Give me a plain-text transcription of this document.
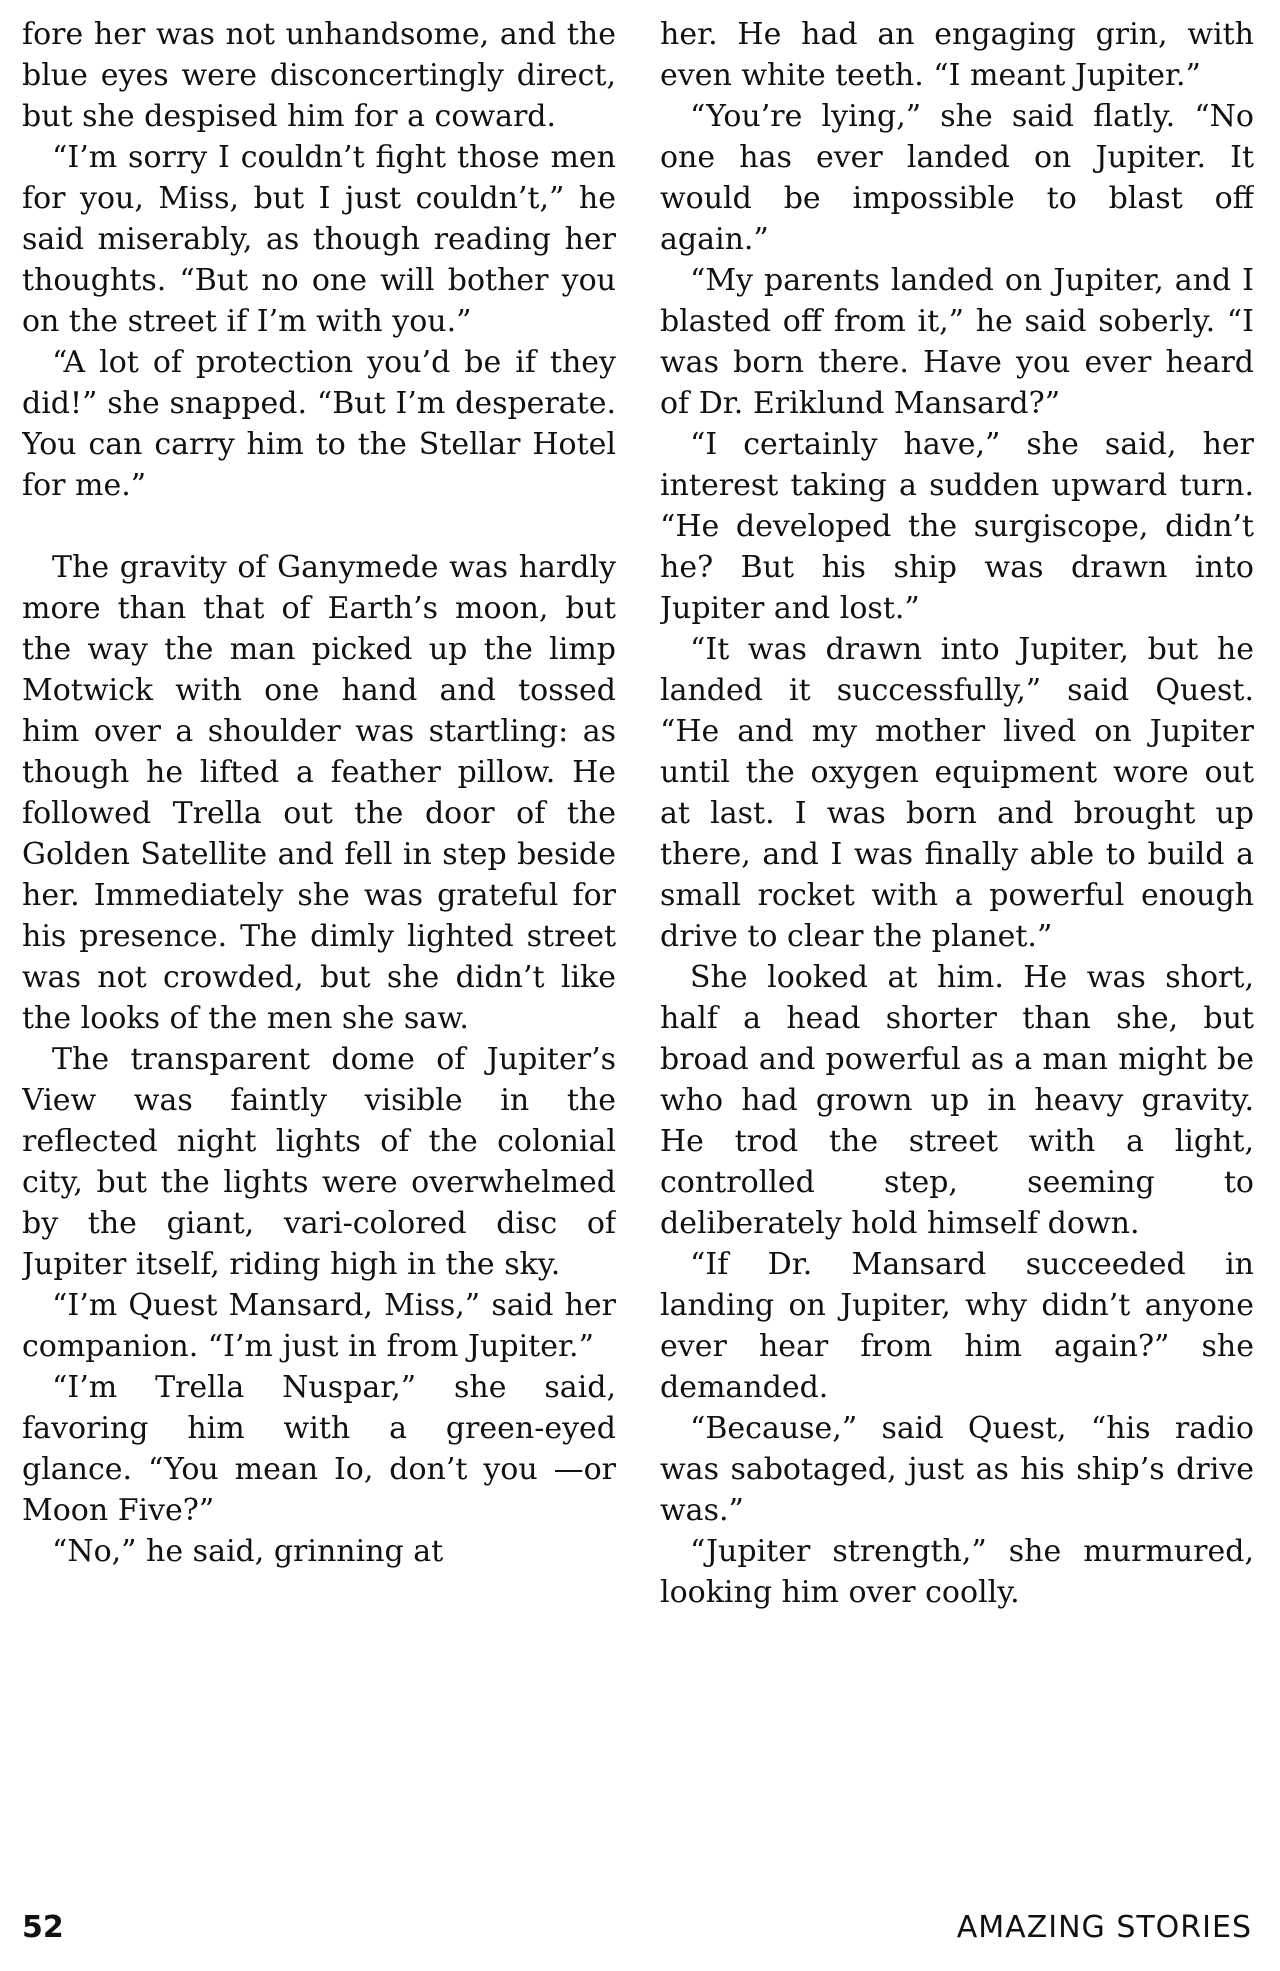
fore her was not unhandsome, and the blue eyes were disconcertingly direct, but she despised him for a coward.

“I’m sorry I couldn’t fight those men for you, Miss, but I just couldn’t,” he said miserably, as though reading her thoughts. “But no one will bother you on the street if I’m with you.”

“A lot of protection you’d be if they did!” she snapped. “But I’m desperate. You can carry him to the Stellar Hotel for me.”

The gravity of Ganymede was hardly more than that of Earth’s moon, but the way the man picked up the limp Motwick with one hand and tossed him over a shoulder was startling: as though he lifted a feather pillow. He followed Trella out the door of the Golden Satellite and fell in step beside her. Immediately she was grateful for his presence. The dimly lighted street was not crowded, but she didn’t like the looks of the men she saw.

The transparent dome of Jupiter’s View was faintly visible in the reflected night lights of the colonial city, but the lights were overwhelmed by the giant, vari-colored disc of Jupiter itself, riding high in the sky.

“I’m Quest Mansard, Miss,” said her companion. “I’m just in from Jupiter.”

“I’m Trella Nuspar,” she said, favoring him with a green-eyed glance. “You mean Io, don’t you —or Moon Five?”

“No,” he said, grinning at

her. He had an engaging grin, with even white teeth. “I meant Jupiter.”

“You’re lying,” she said flatly. “No one has ever landed on Jupiter. It would be impossible to blast off again.”

“My parents landed on Jupiter, and I blasted off from it,” he said soberly. “I was born there. Have you ever heard of Dr. Eriklund Mansard?”

“I certainly have,” she said, her interest taking a sudden upward turn. “He developed the surgiscope, didn’t he? But his ship was drawn into Jupiter and lost.”

“It was drawn into Jupiter, but he landed it successfully,” said Quest. “He and my mother lived on Jupiter until the oxygen equipment wore out at last. I was born and brought up there, and I was finally able to build a small rocket with a powerful enough drive to clear the planet.”

She looked at him. He was short, half a head shorter than she, but broad and powerful as a man might be who had grown up in heavy gravity. He trod the street with a light, controlled step, seeming to deliberately hold himself down.

“If Dr. Mansard succeeded in landing on Jupiter, why didn’t anyone ever hear from him again?” she demanded.

“Because,” said Quest, “his radio was sabotaged, just as his ship’s drive was.”

“Jupiter strength,” she murmured, looking him over coolly.

52	AMAZING STORIES
